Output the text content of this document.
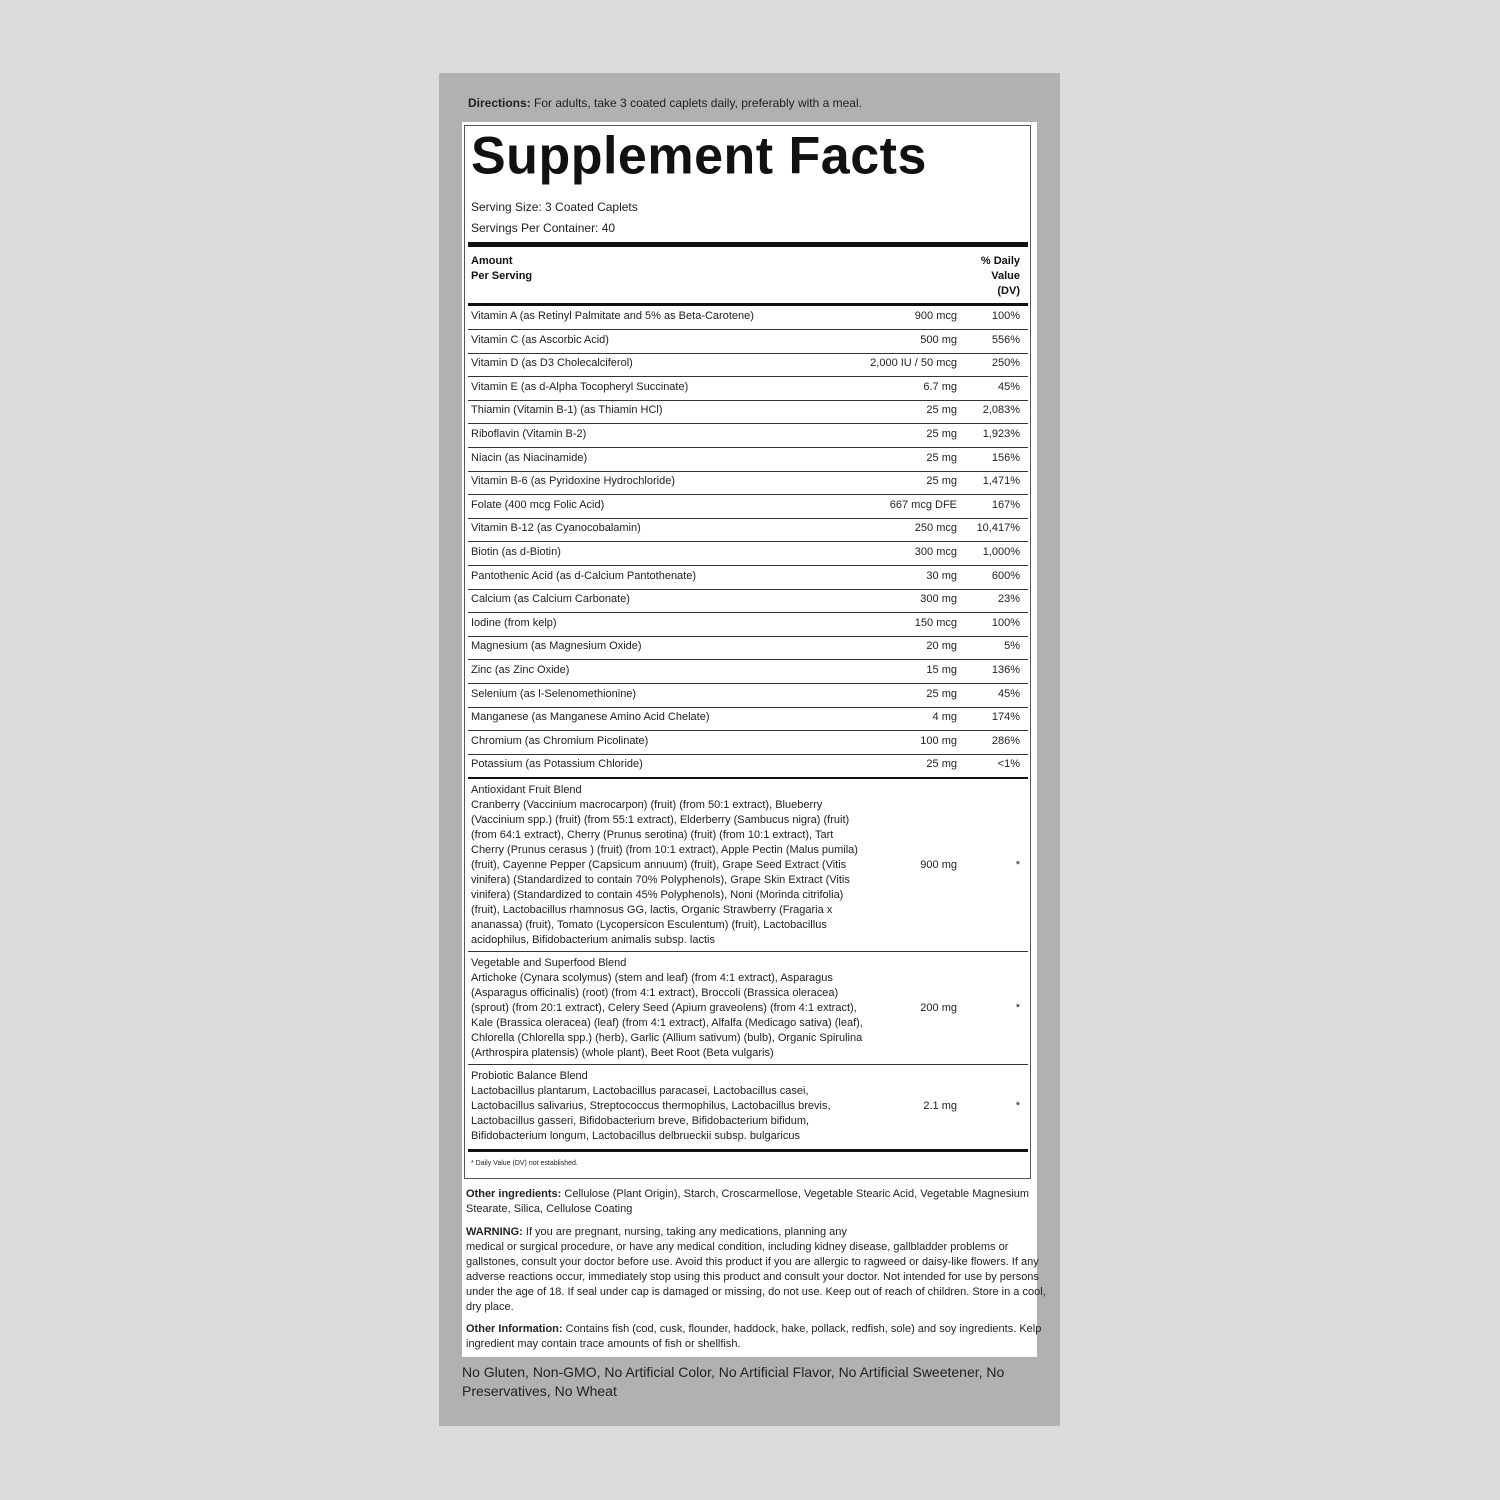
Directions: For adults, take 3 coated caplets daily, preferably with a meal.
Supplement Facts
Serving Size: 3 Coated Caplets
Servings Per Container: 40
Amount
Per Serving
% Daily
Value
(DV)
Vitamin A (as Retinyl Palmitate and 5% as Beta-Carotene)	900 mcg	100%
Vitamin C (as Ascorbic Acid)	500 mg	556%
Vitamin D (as D3 Cholecalciferol)	2,000 IU / 50 mcg	250%
Vitamin E (as d-Alpha Tocopheryl Succinate)	6.7 mg	45%
Thiamin (Vitamin B-1) (as Thiamin HCl)	25 mg	2,083%
Riboflavin (Vitamin B-2)	25 mg	1,923%
Niacin (as Niacinamide)	25 mg	156%
Vitamin B-6 (as Pyridoxine Hydrochloride)	25 mg	1,471%
Folate (400 mcg Folic Acid)	667 mcg DFE	167%
Vitamin B-12 (as Cyanocobalamin)	250 mcg	10,417%
Biotin (as d-Biotin)	300 mcg	1,000%
Pantothenic Acid (as d-Calcium Pantothenate)	30 mg	600%
Calcium (as Calcium Carbonate)	300 mg	23%
Iodine (from kelp)	150 mcg	100%
Magnesium (as Magnesium Oxide)	20 mg	5%
Zinc (as Zinc Oxide)	15 mg	136%
Selenium (as l-Selenomethionine)	25 mg	45%
Manganese (as Manganese Amino Acid Chelate)	4 mg	174%
Chromium (as Chromium Picolinate)	100 mg	286%
Potassium (as Potassium Chloride)	25 mg	<1%
Antioxidant Fruit Blend
Cranberry (Vaccinium macrocarpon) (fruit) (from 50:1 extract), Blueberry
(Vaccinium spp.) (fruit) (from 55:1 extract), Elderberry (Sambucus nigra) (fruit)
(from 64:1 extract), Cherry (Prunus serotina) (fruit) (from 10:1 extract), Tart
Cherry (Prunus cerasus ) (fruit) (from 10:1 extract), Apple Pectin (Malus pumila)
(fruit), Cayenne Pepper (Capsicum annuum) (fruit), Grape Seed Extract (Vitis
vinifera) (Standardized to contain 70% Polyphenols), Grape Skin Extract (Vitis
vinifera) (Standardized to contain 45% Polyphenols), Noni (Morinda citrifolia)
(fruit), Lactobacillus rhamnosus GG, lactis, Organic Strawberry (Fragaria x
ananassa) (fruit), Tomato (Lycopersicon Esculentum) (fruit), Lactobacillus
acidophilus, Bifidobacterium animalis subsp. lactis
900 mg	*
Vegetable and Superfood Blend
Artichoke (Cynara scolymus) (stem and leaf) (from 4:1 extract), Asparagus
(Asparagus officinalis) (root) (from 4:1 extract), Broccoli (Brassica oleracea)
(sprout) (from 20:1 extract), Celery Seed (Apium graveolens) (from 4:1 extract),
Kale (Brassica oleracea) (leaf) (from 4:1 extract), Alfalfa (Medicago sativa) (leaf),
Chlorella (Chlorella spp.) (herb), Garlic (Allium sativum) (bulb), Organic Spirulina
(Arthrospira platensis) (whole plant), Beet Root (Beta vulgaris)
200 mg	*
Probiotic Balance Blend
Lactobacillus plantarum, Lactobacillus paracasei, Lactobacillus casei,
Lactobacillus salivarius, Streptococcus thermophilus, Lactobacillus brevis,
Lactobacillus gasseri, Bifidobacterium breve, Bifidobacterium bifidum,
Bifidobacterium longum, Lactobacillus delbrueckii subsp. bulgaricus
2.1 mg	*
* Daily Value (DV) not established.
Other ingredients: Cellulose (Plant Origin), Starch, Croscarmellose, Vegetable Stearic Acid, Vegetable Magnesium
Stearate, Silica, Cellulose Coating
WARNING: If you are pregnant, nursing, taking any medications, planning any
medical or surgical procedure, or have any medical condition, including kidney disease, gallbladder problems or
gallstones, consult your doctor before use. Avoid this product if you are allergic to ragweed or daisy-like flowers. If any
adverse reactions occur, immediately stop using this product and consult your doctor. Not intended for use by persons
under the age of 18. If seal under cap is damaged or missing, do not use. Keep out of reach of children. Store in a cool,
dry place.
Other Information: Contains fish (cod, cusk, flounder, haddock, hake, pollack, redfish, sole) and soy ingredients. Kelp
ingredient may contain trace amounts of fish or shellfish.
No Gluten, Non-GMO, No Artificial Color, No Artificial Flavor, No Artificial Sweetener, No
Preservatives, No Wheat
